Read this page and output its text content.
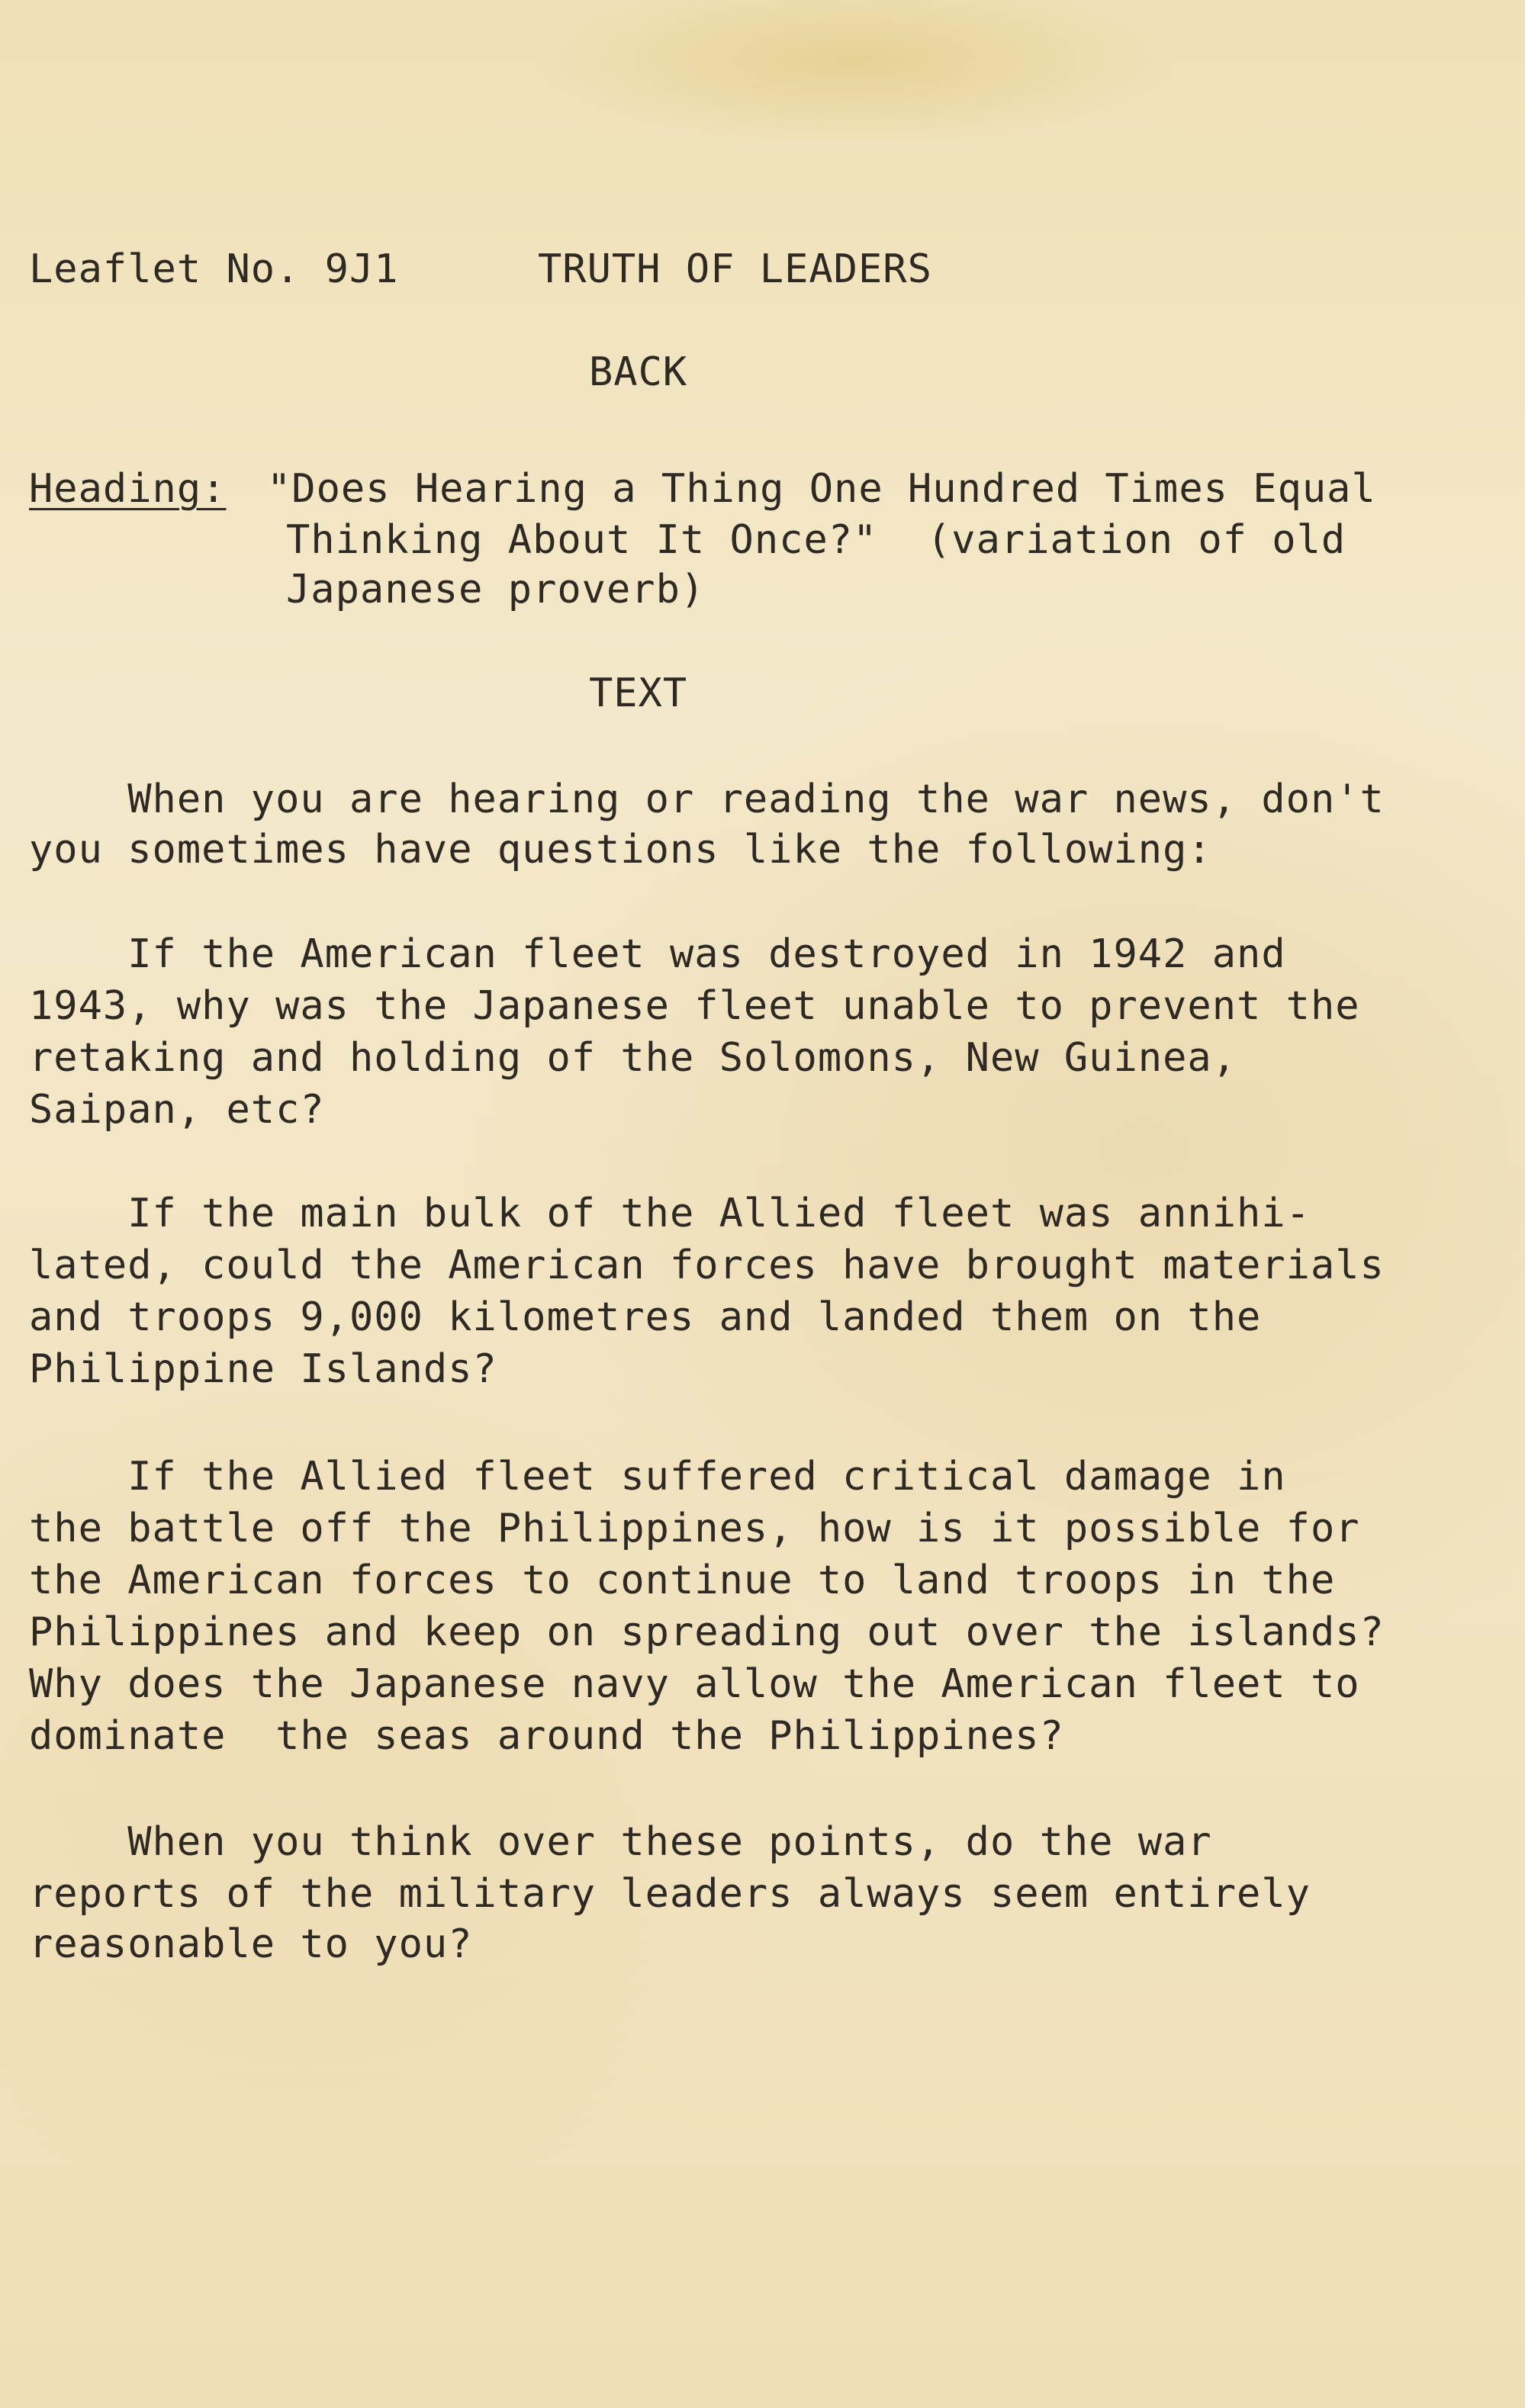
Leaflet No. 9J1	TRUTH OF LEADERS
BACK
Heading: "Does Hearing a Thing One Hundred Times Equal
Thinking About It Once?"  (variation of old
Japanese proverb)
TEXT
When you are hearing or reading the war news, don't
you sometimes have questions like the following:
If the American fleet was destroyed in 1942 and
1943, why was the Japanese fleet unable to prevent the
retaking and holding of the Solomons, New Guinea,
Saipan, etc?
If the main bulk of the Allied fleet was annihi-
lated, could the American forces have brought materials
and troops 9,000 kilometres and landed them on the
Philippine Islands?
If the Allied fleet suffered critical damage in
the battle off the Philippines, how is it possible for
the American forces to continue to land troops in the
Philippines and keep on spreading out over the islands?
Why does the Japanese navy allow the American fleet to
dominate  the seas around the Philippines?
When you think over these points, do the war
reports of the military leaders always seem entirely
reasonable to you?
